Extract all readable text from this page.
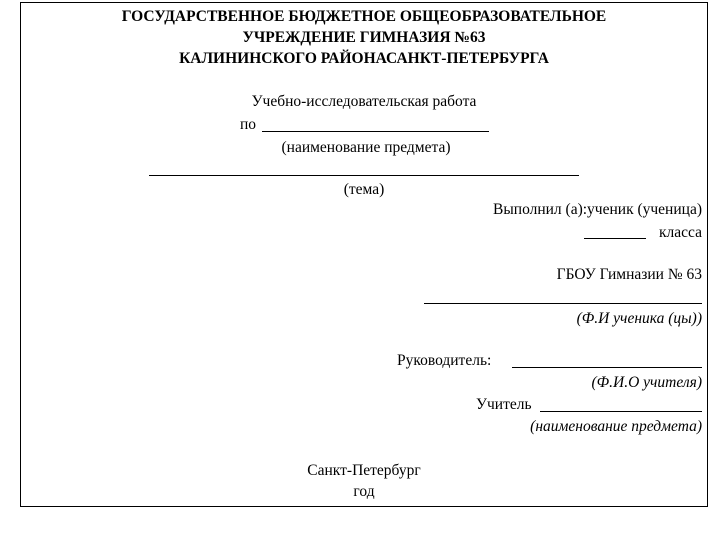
ГОСУДАРСТВЕННОЕ БЮДЖЕТНОЕ ОБЩЕОБРАЗОВАТЕЛЬНОЕ
УЧРЕЖДЕНИЕ ГИМНАЗИЯ №63
КАЛИНИНСКОГО РАЙОНАСАНКТ-ПЕТЕРБУРГА
Учебно-исследовательская работа
по
(наименование предмета)
(тема)
Выполнил (а):ученик (ученица)
класса
ГБОУ Гимназии № 63
(Ф.И ученика (цы))
Руководитель:
(Ф.И.О учителя)
Учитель
(наименование предмета)
Санкт-Петербург
год
